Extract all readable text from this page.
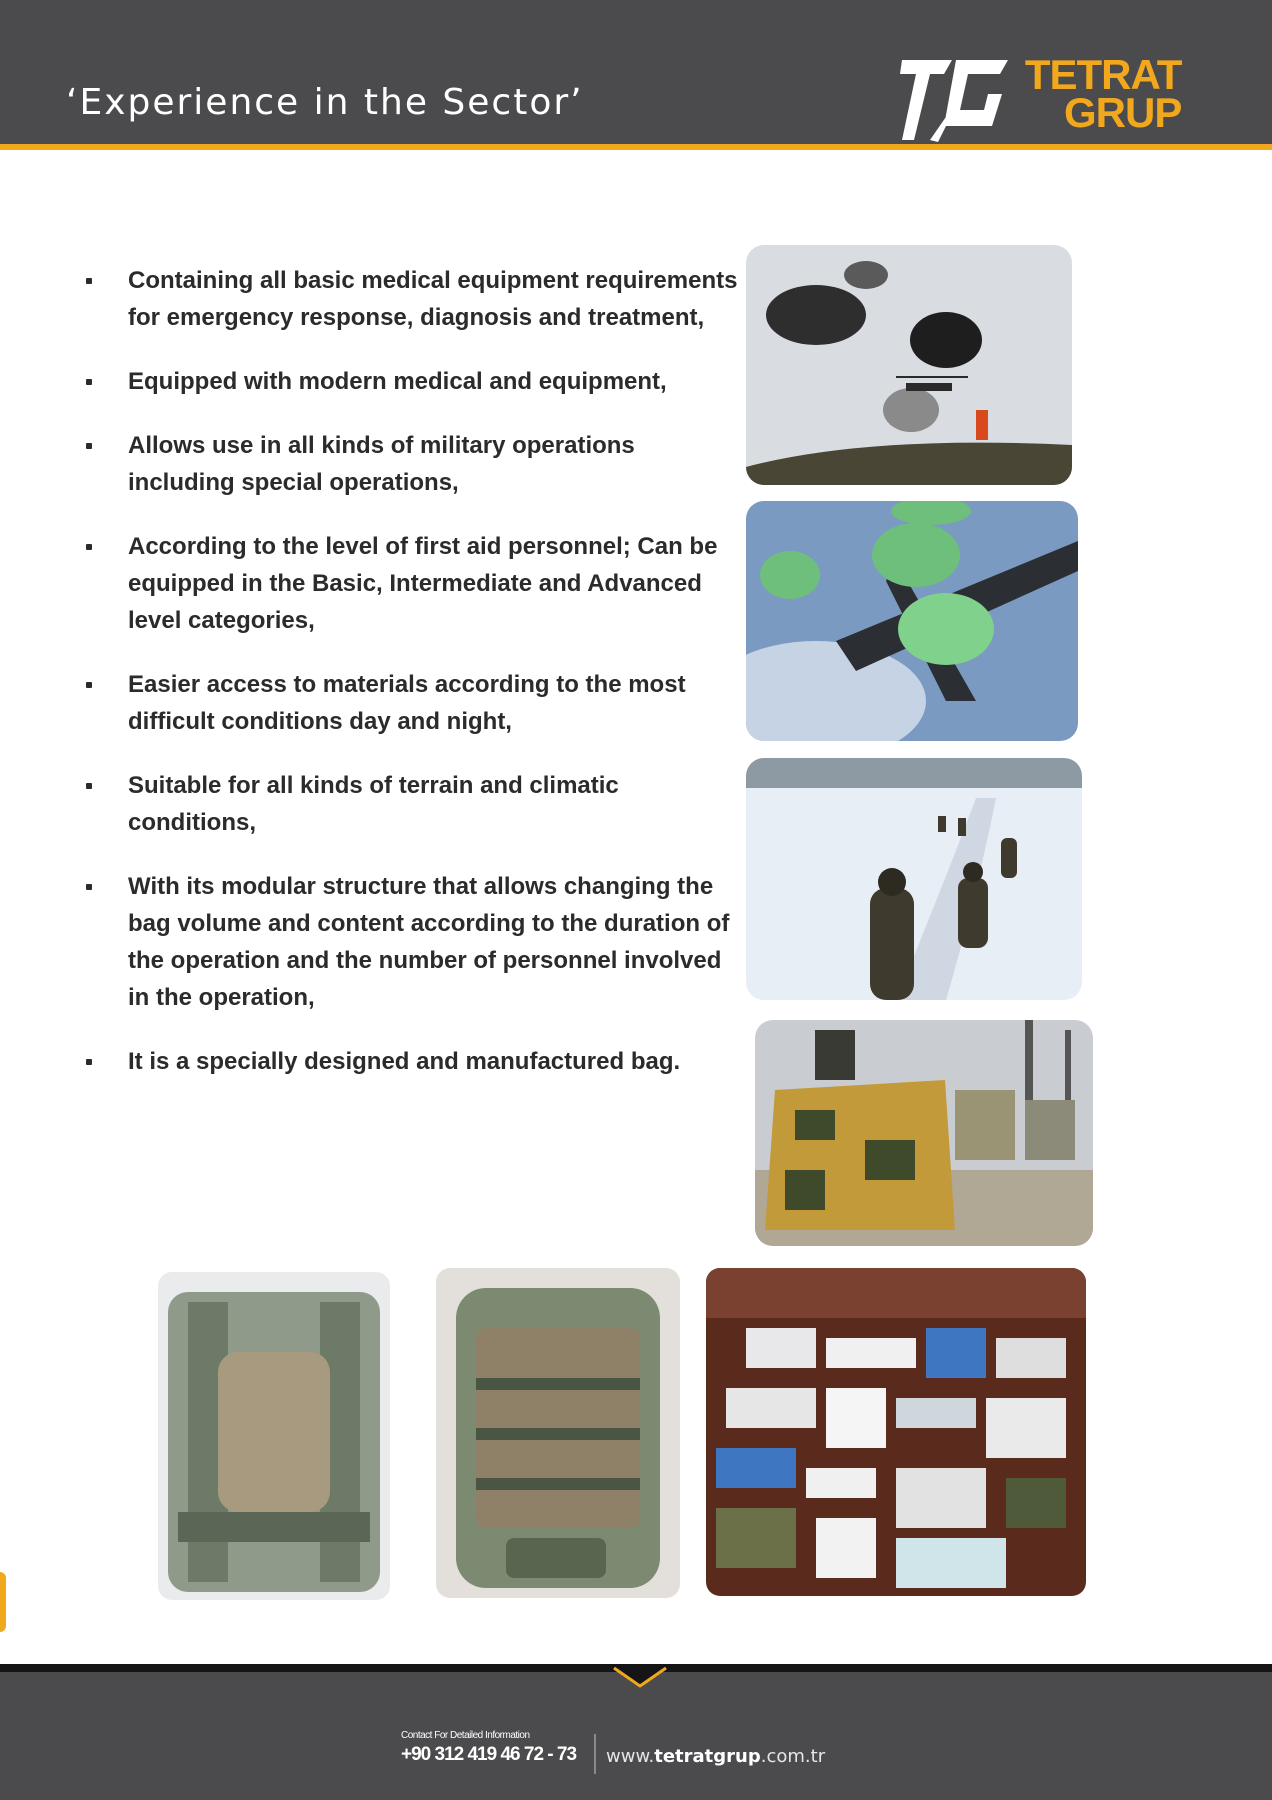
‘Experience in the Sector’
TETRAT
GRUP
Containing all basic medical equipment requirements for emergency response, diagnosis and treatment,
Equipped with modern medical and equipment,
Allows use in all kinds of military operations including special operations,
According to the level of first aid personnel; Can be equipped in the Basic, Intermediate and Advanced level categories,
Easier access to materials according to the most difficult conditions day and night,
Suitable for all kinds of terrain and climatic conditions,
With its modular structure that allows changing the bag volume and content according to the duration of the operation and the number of personnel involved in the operation,
It is a specially designed and manufactured bag.
Contact For Detailed Information
+90 312 419 46 72 - 73 www.tetratgrup.com.tr
